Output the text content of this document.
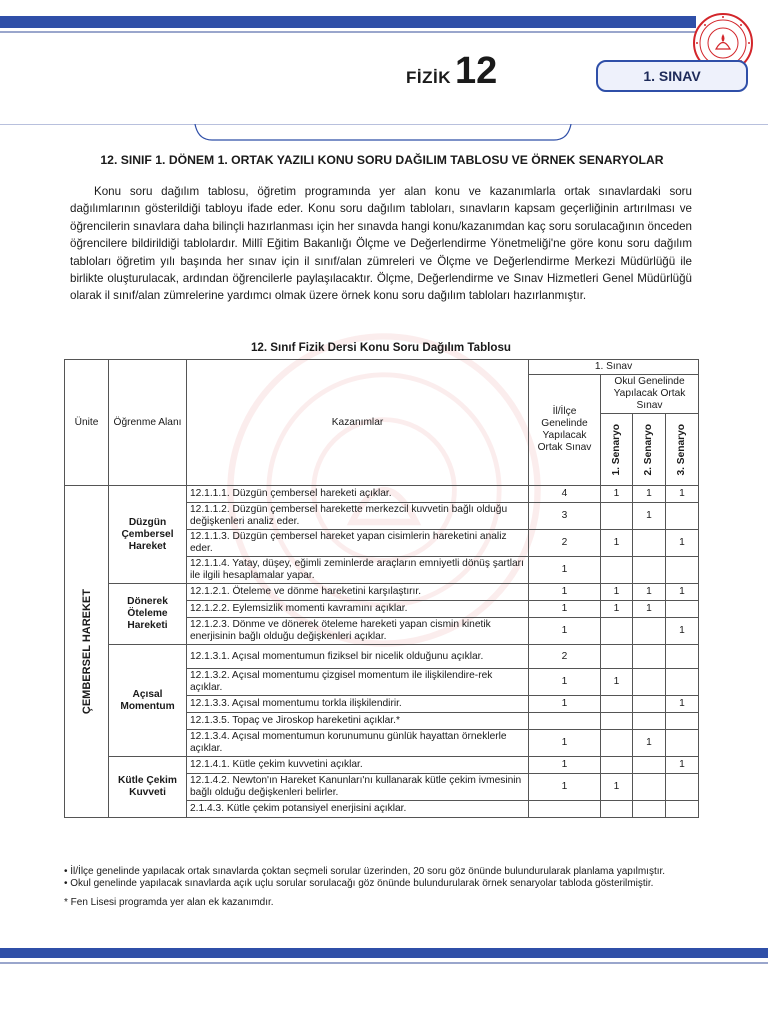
FİZİK 12	1. SINAV
12. SINIF 1. DÖNEM 1. ORTAK YAZILI KONU SORU DAĞILIM TABLOSU VE ÖRNEK SENARYOLAR

Konu soru dağılım tablosu, öğretim programında yer alan konu ve kazanımlarla ortak sınavlardaki soru dağılımlarının gösterildiği tabloyu ifade eder. Konu soru dağılım tabloları, sınavların kapsam geçerliğinin artırılması ve öğrencilerin sınavlara daha bilinçli hazırlanması için her sınavda hangi konu/kazanımdan kaç soru sorulacağının önceden öğrencilere bildirildiği tablolardır. Millî Eğitim Bakanlığı Ölçme ve Değerlendirme Yönetmeliği'ne göre konu soru dağılım tabloları öğretim yılı başında her sınav için il sınıf/alan zümreleri ve Ölçme ve Değerlendirme Merkezi Müdürlüğü ile birlikte oluşturulacak, ardından öğrencilerle paylaşılacaktır. Ölçme, Değerlendirme ve Sınav Hizmetleri Genel Müdürlüğü olarak il sınıf/alan zümrelerine yardımcı olmak üzere örnek konu soru dağılım tabloları hazırlanmıştır.

12. Sınıf Fizik Dersi Konu Soru Dağılım Tablosu
Ünite	Öğrenme Alanı	Kazanımlar	1. Sınav			
			İl/İlçe Genelinde Yapılacak Ortak Sınav	Okul Genelinde Yapılacak Ortak Sınav		

				1. Senaryo	2. Senaryo	3. Senaryo

ÇEMBERSEL HAREKET	Düzgün Çembersel Hareket	12.1.1.1. Düzgün çembersel hareketi açıklar.	4	1	1	1
		12.1.1.2. Düzgün çembersel harekette merkezcil kuvvetin bağlı olduğu değişkenleri analiz eder.	3		1	
		12.1.1.3. Düzgün çembersel hareket yapan cisimlerin hareketini analiz eder.	2	1		1
		12.1.1.4. Yatay, düşey, eğimli zeminlerde araçların emniyetli dönüş şartları ile ilgili hesaplamalar yapar.	1			
	Dönerek Öteleme Hareketi	12.1.2.1. Öteleme ve dönme hareketini karşılaştırır.	1	1	1	1
		12.1.2.2. Eylemsizlik momenti kavramını açıklar.	1	1	1	
		12.1.2.3. Dönme ve dönerek öteleme hareketi yapan cismin kinetik enerjisinin bağlı olduğu değişkenleri açıklar.	1			1
	Açısal Momentum	12.1.3.1. Açısal momentumun fiziksel bir nicelik olduğunu açıklar.	2			
		12.1.3.2. Açısal momentumu çizgisel momentum ile ilişkilendire-rek açıklar.	1	1		
		12.1.3.3. Açısal momentumu torkla ilişkilendirir.	1			1
		12.1.3.5. Topaç ve Jiroskop hareketini açıklar.*				
		12.1.3.4. Açısal momentumun korunumunu günlük hayattan örneklerle açıklar.	1		1	
	Kütle Çekim Kuvveti	12.1.4.1. Kütle çekim kuvvetini açıklar.	1			1
		12.1.4.2. Newton'ın Hareket Kanunları'nı kullanarak kütle çekim ivmesinin bağlı olduğu değişkenleri belirler.	1	1		
		2.1.4.3. Kütle çekim potansiyel enerjisini açıklar.				

• İl/İlçe genelinde yapılacak ortak sınavlarda çoktan seçmeli sorular üzerinden, 20 soru göz önünde bulundurularak planlama yapılmıştır.

• Okul genelinde yapılacak sınavlarda açık uçlu sorular sorulacağı göz önünde bulundurularak örnek senaryolar tabloda gösterilmiştir.

* Fen Lisesi programda yer alan ek kazanımdır.
